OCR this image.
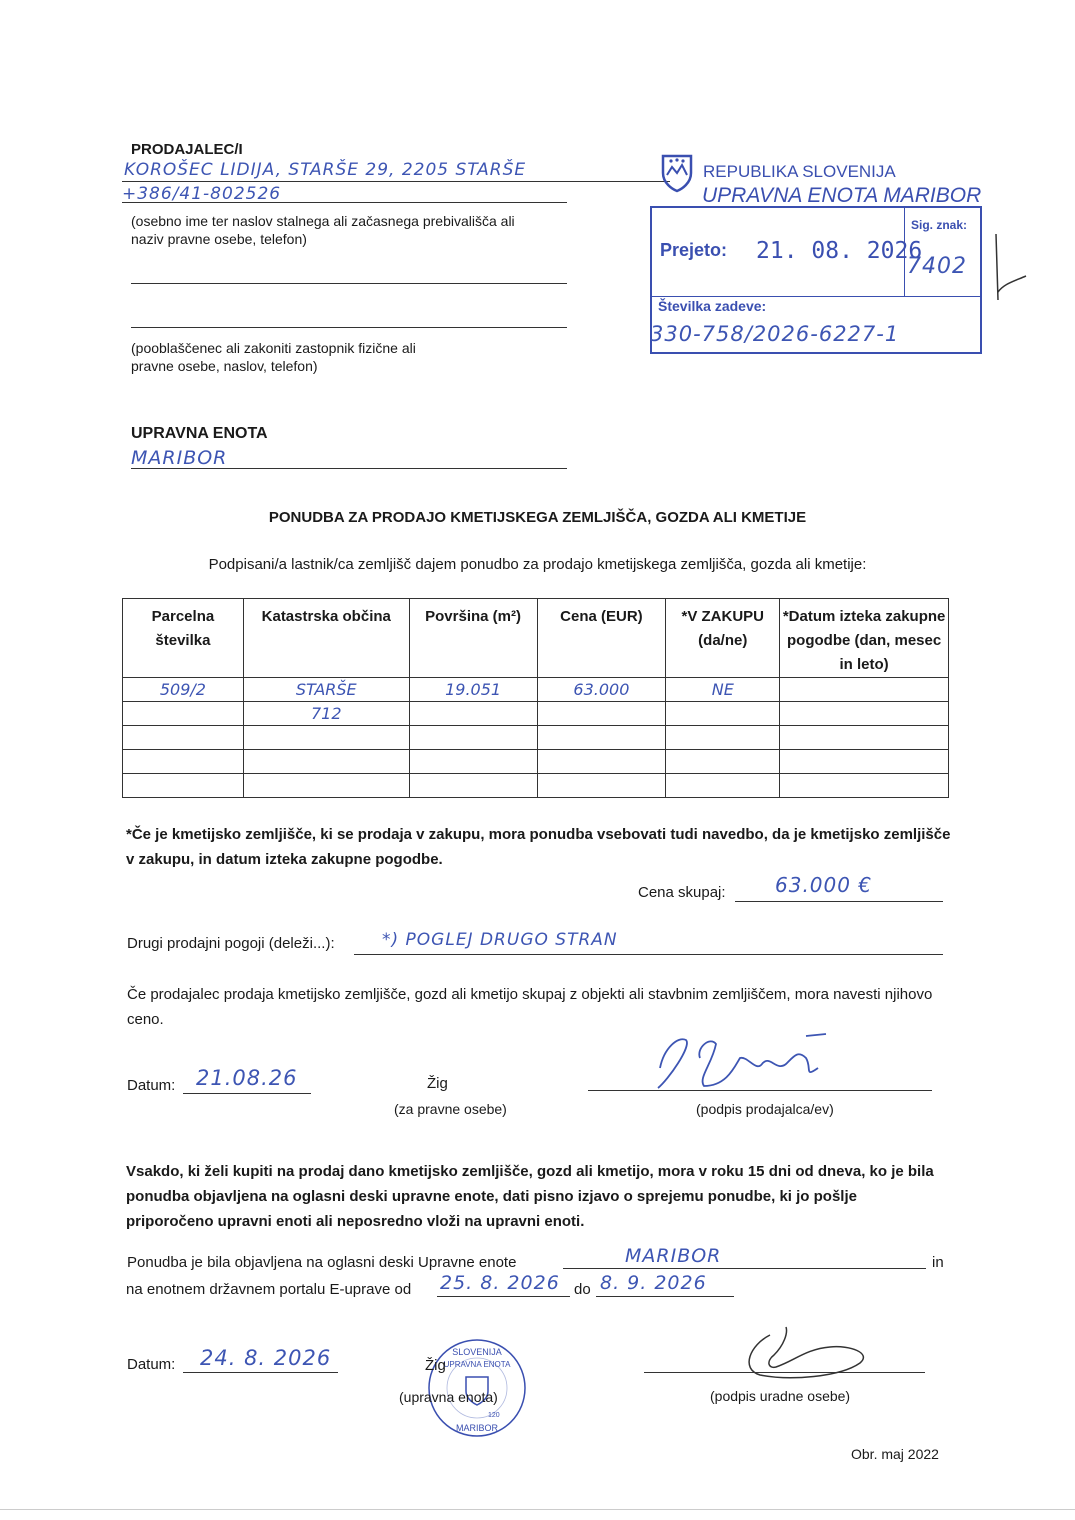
PRODAJALEC/I
KOROŠEC LIDIJA, STARŠE 29, 2205 STARŠE
+386/41-802526
(osebno ime ter naslov stalnega ali začasnega prebivališča ali naziv pravne osebe, telefon)
(pooblaščenec ali zakoniti zastopnik fizične ali pravne osebe, naslov, telefon)
REPUBLIKA SLOVENIJA
UPRAVNA ENOTA MARIBOR
Sig. znak:
Prejeto: 21. 08. 2026
7402
Številka zadeve:
330-758/2026-6227-1
UPRAVNA ENOTA
MARIBOR
PONUDBA ZA PRODAJO KMETIJSKEGA ZEMLJIŠČA, GOZDA ALI KMETIJE
Podpisani/a lastnik/ca zemljišč dajem ponudbo za prodajo kmetijskega zemljišča, gozda ali kmetije:
Parcelna številka	Katastrska občina	Površina (m²)	Cena (EUR)	*V ZAKUPU (da/ne)	*Datum izteka zakupne pogodbe (dan, mesec in leto)
509/2	STARŠE	19.051	63.000	NE	
	712				

*Če je kmetijsko zemljišče, ki se prodaja v zakupu, mora ponudba vsebovati tudi navedbo, da je kmetijsko zemljišče v zakupu, in datum izteka zakupne pogodbe.
Cena skupaj: 63.000 €
Drugi prodajni pogoji (deleži...):	*) POGLEJ DRUGO STRAN
Če prodajalec prodaja kmetijsko zemljišče, gozd ali kmetijo skupaj z objekti ali stavbnim zemljiščem, mora navesti njihovo ceno.
Datum: 21.08.26	Žig
(za pravne osebe)	(podpis prodajalca/ev)
Vsakdo, ki želi kupiti na prodaj dano kmetijsko zemljišče, gozd ali kmetijo, mora v roku 15 dni od dneva, ko je bila ponudba objavljena na oglasni deski upravne enote, dati pisno izjavo o sprejemu ponudbe, ki jo pošlje priporočeno upravni enoti ali neposredno vloži na upravni enoti.
Ponudba je bila objavljena na oglasni deski Upravne enote	MARIBOR	in
na enotnem državnem portalu E-uprave od 25. 8. 2026 do 8. 9. 2026
Datum: 24. 8. 2026	SLOVENIJA
UPRAVNA ENOTA
120
MARIBOR
Žig
(upravna enota)	(podpis uradne osebe)
Obr. maj 2022
